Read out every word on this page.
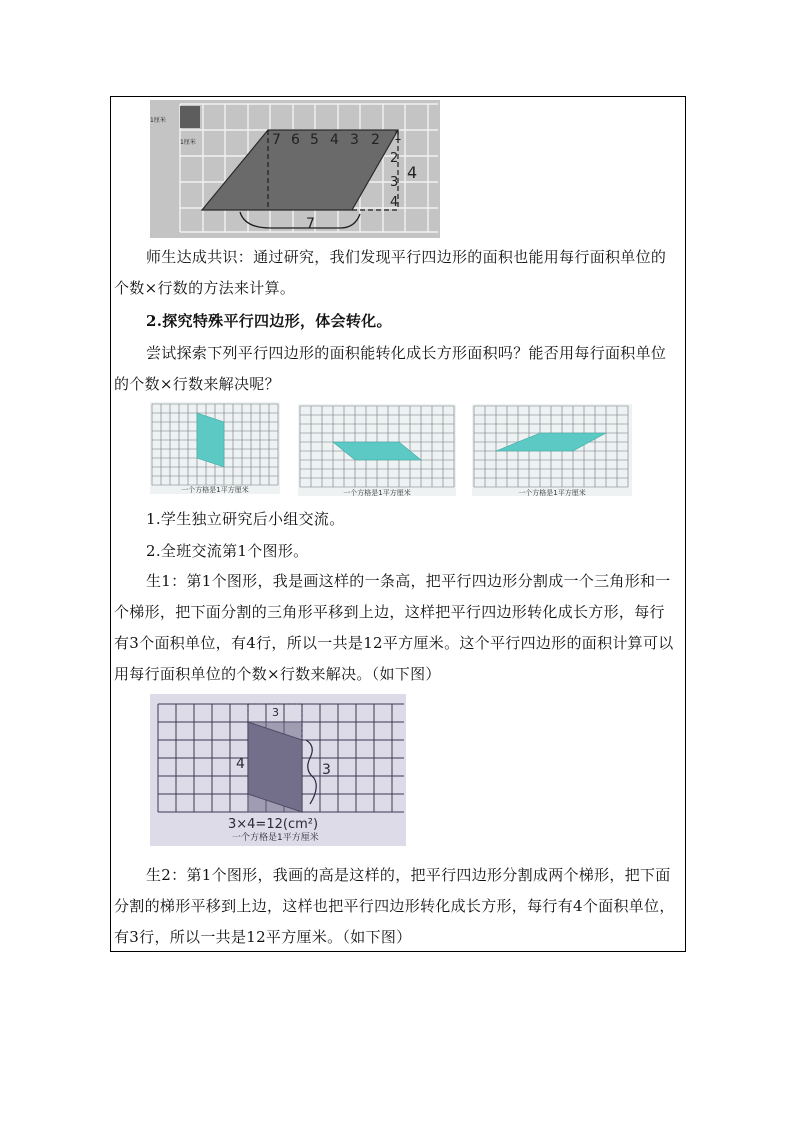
1厘米
1厘米	7 6 5 4 3 2 1
2
3
4
4
7

师生达成共识：通过研究，我们发现平行四边形的面积也能用每行面积单位的个数×行数的方法来计算。

2.探究特殊平行四边形，体会转化。

尝试探索下列平行四边形的面积能转化成长方形面积吗？能否用每行面积单位的个数×行数来解决呢？

一个方格是1平方厘米	一个方格是1平方厘米	一个方格是1平方厘米

1.学生独立研究后小组交流。

2.全班交流第1个图形。

生1：第1个图形，我是画这样的一条高，把平行四边形分割成一个三角形和一个梯形，把下面分割的三角形平移到上边，这样把平行四边形转化成长方形，每行有3个面积单位，有4行，所以一共是12平方厘米。这个平行四边形的面积计算可以用每行面积单位的个数×行数来解决。（如下图）

3
4	3
3×4=12(cm²)
一个方格是1平方厘米

生2：第1个图形，我画的高是这样的，把平行四边形分割成两个梯形，把下面分割的梯形平移到上边，这样也把平行四边形转化成长方形，每行有4个面积单位，有3行，所以一共是12平方厘米。（如下图）
